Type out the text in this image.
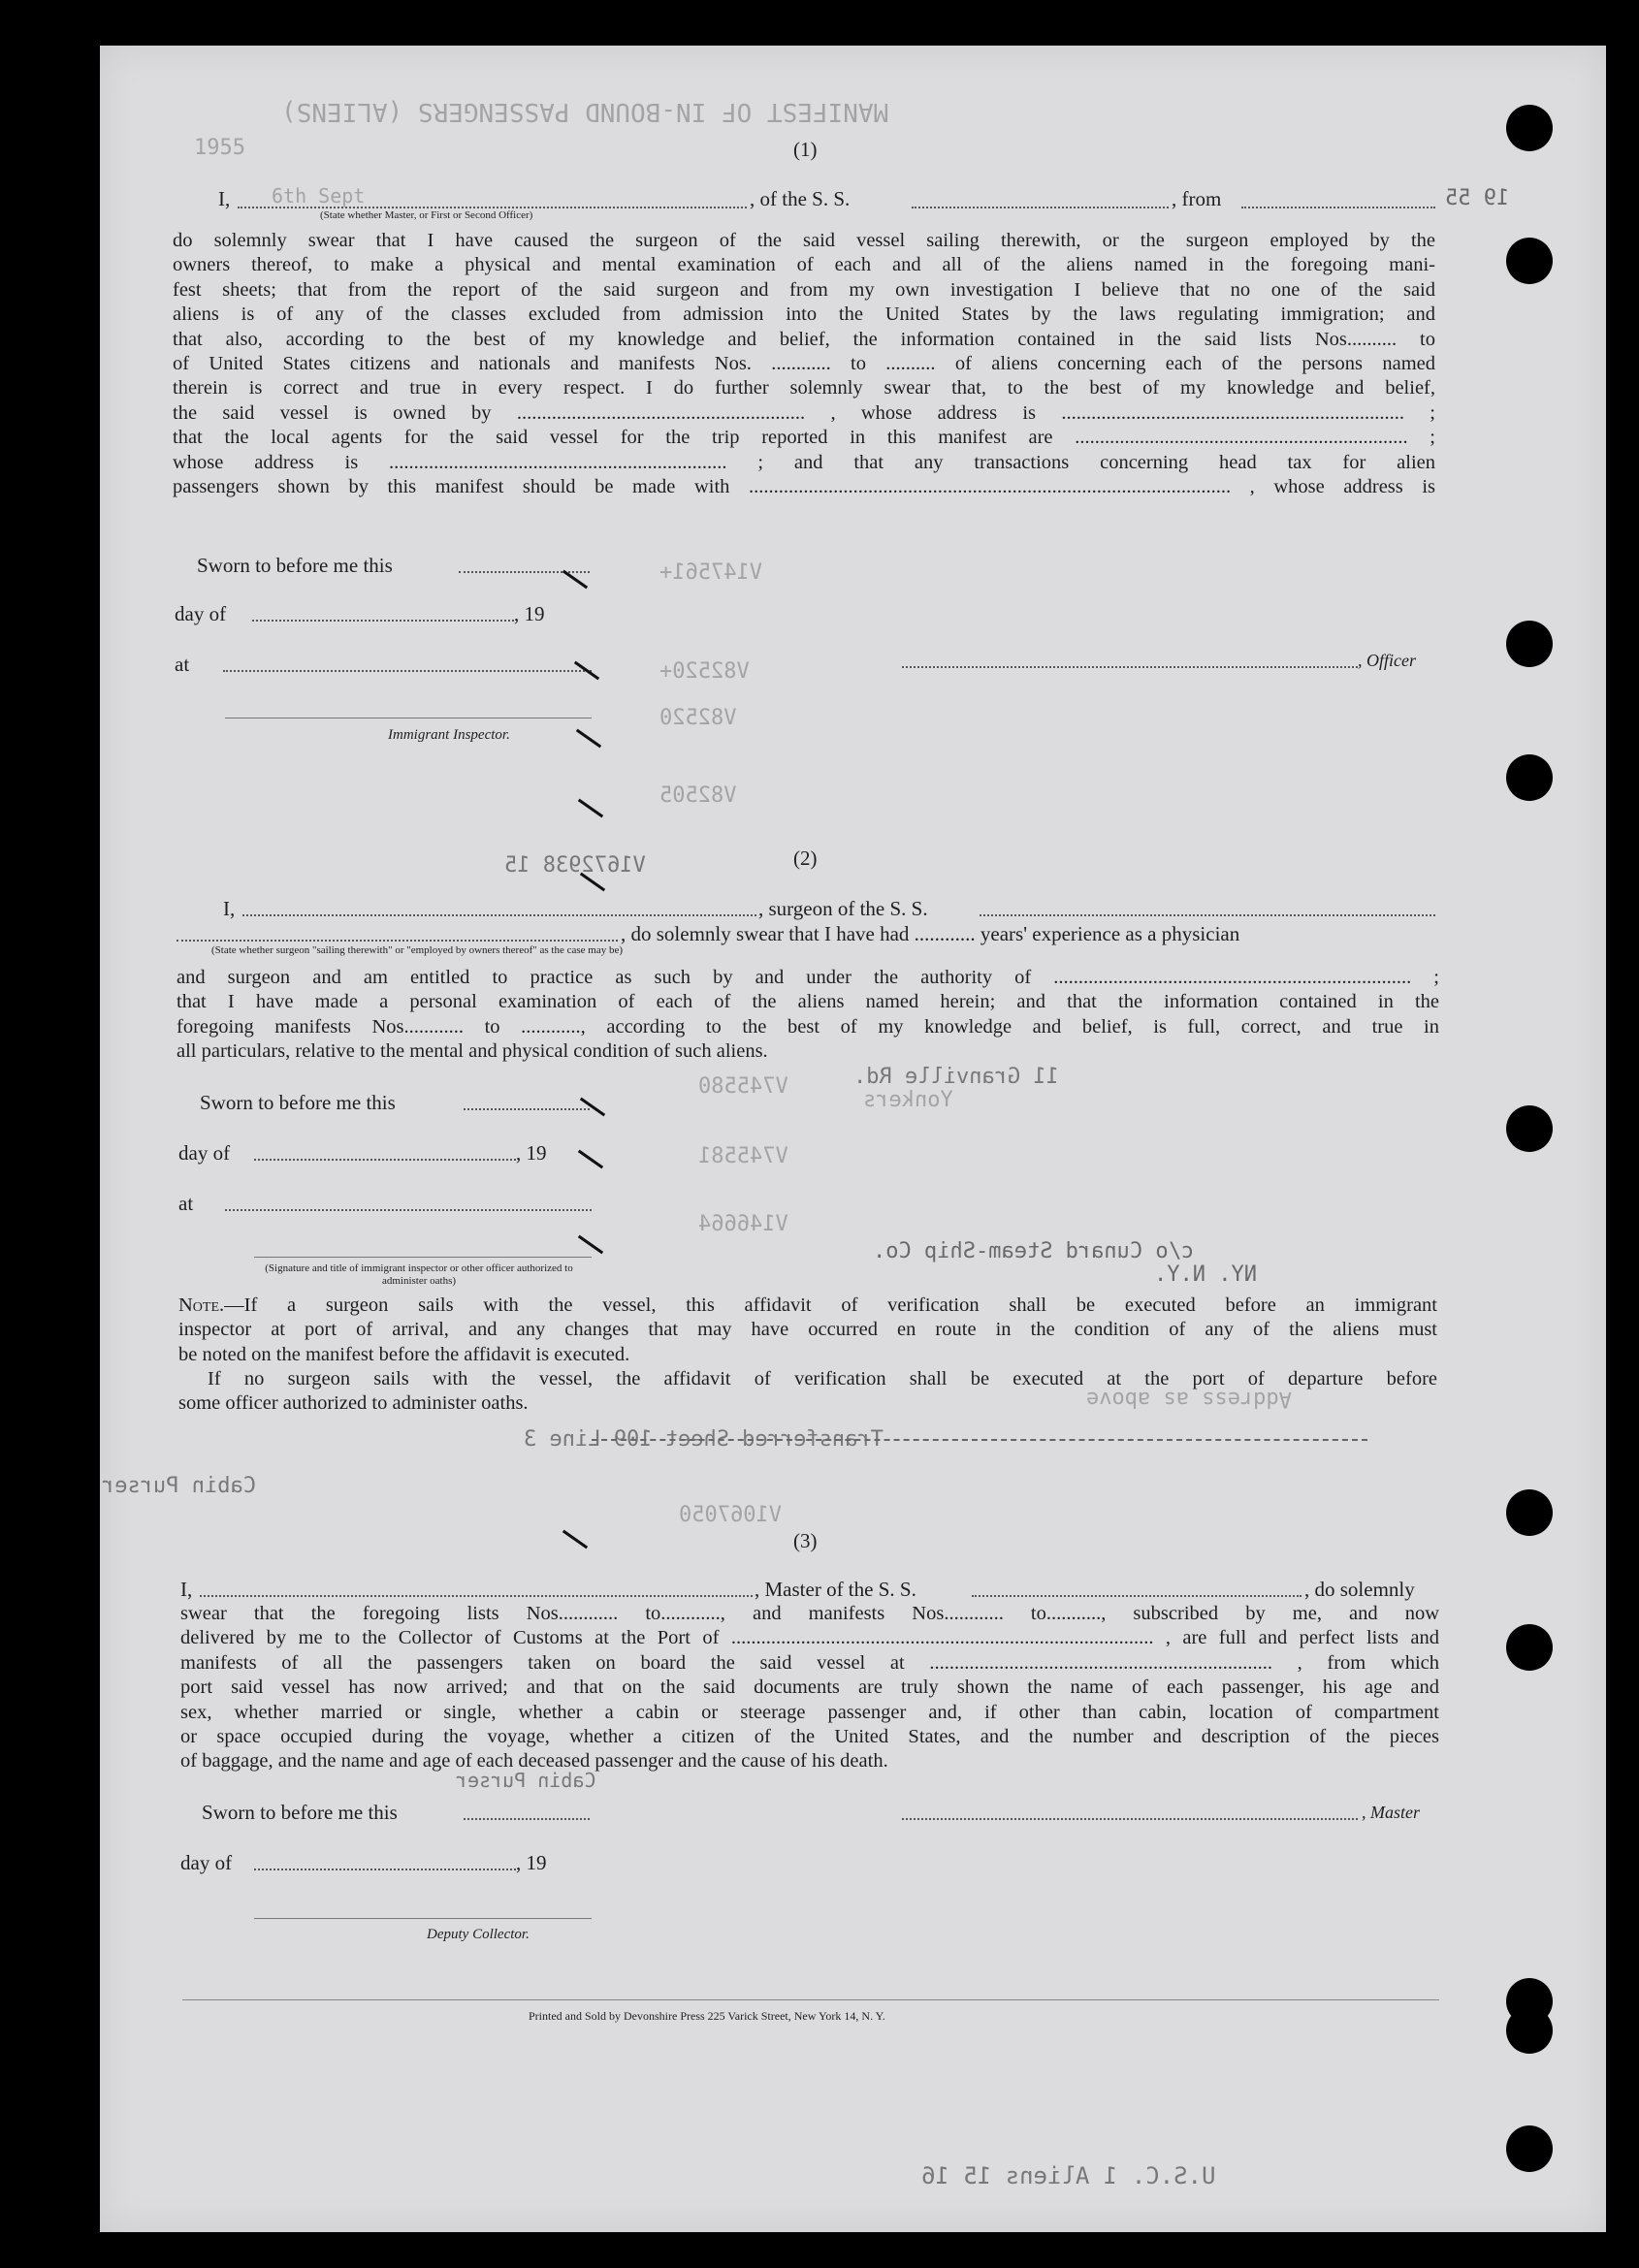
MANIFEST OF IN-BOUND PASSENGERS (ALIENS)
1955	(1)
I, 6th Sept	, of the S. S.	, from	19 55
(State whether Master, or First or Second Officer)
do solemnly swear that I have caused the surgeon of the said vessel sailing therewith, or the surgeon employed by the
owners thereof, to make a physical and mental examination of each and all of the aliens named in the foregoing mani-
fest sheets; that from the report of the said surgeon and from my own investigation I believe that no one of the said
aliens is of any of the classes excluded from admission into the United States by the laws regulating immigration; and
that also, according to the best of my knowledge and belief, the information contained in the said lists Nos.......... to
of United States citizens and nationals and manifests Nos. ............ to .......... of aliens concerning each of the persons named
therein is correct and true in every respect. I do further solemnly swear that, to the best of my knowledge and belief,
the said vessel is owned by .......................................................... , whose address is ..................................................................... ;
that the local agents for the said vessel for the trip reported in this manifest are ................................................................... ;
whose address is .................................................................... ; and that any transactions concerning head tax for alien
passengers shown by this manifest should be made with ................................................................................................. , whose address is
Sworn to before me this
day of	, 19
at	, Officer
Immigrant Inspector.
V147561+
V82520+
V82520
V82505
V1672938 15	(2)
I,	, surgeon of the S. S.
, do solemnly swear that I have had ............ years' experience as a physician
(State whether surgeon "sailing therewith" or "employed by owners thereof" as the case may be)
and surgeon and am entitled to practice as such by and under the authority of ........................................................................ ;
that I have made a personal examination of each of the aliens named herein; and that the information contained in the
foregoing manifests Nos............ to ............, according to the best of my knowledge and belief, is full, correct, and true in
all particulars, relative to the mental and physical condition of such aliens.
Sworn to before me this
day of	, 19
at
(Signature and title of immigrant inspector or other officer authorized to administer oaths)
11 Granville Rd.
Yonkers
V745580
V745581
V146664
c/o Cunard Steam-Ship Co.
NY. N.Y.
Note.—If a surgeon sails with the vessel, this affidavit of verification shall be executed before an immigrant
inspector at port of arrival, and any changes that may have occurred en route in the condition of any of the aliens must
be noted on the manifest before the affidavit is executed.
If no surgeon sails with the vessel, the affidavit of verification shall be executed at the port of departure before
some officer authorized to administer oaths.	Address as above
Transferred Sheet 109 Line 3
Cabin Purser
V1067050
(3)
I,	, Master of the S. S.	, do solemnly
swear that the foregoing lists Nos............ to............, and manifests Nos............ to..........., subscribed by me, and now
delivered by me to the Collector of Customs at the Port of ..................................................................................... , are full and perfect lists and
manifests of all the passengers taken on board the said vessel at ..................................................................... , from which
port said vessel has now arrived; and that on the said documents are truly shown the name of each passenger, his age and
sex, whether married or single, whether a cabin or steerage passenger and, if other than cabin, location of compartment
or space occupied during the voyage, whether a citizen of the United States, and the number and description of the pieces
of baggage, and the name and age of each deceased passenger and the cause of his death.
Cabin Purser
Sworn to before me this	, Master
day of	, 19
Deputy Collector.
Printed and Sold by Devonshire Press 225 Varick Street, New York 14, N. Y.
U.S.C. 1 Aliens 15 16
